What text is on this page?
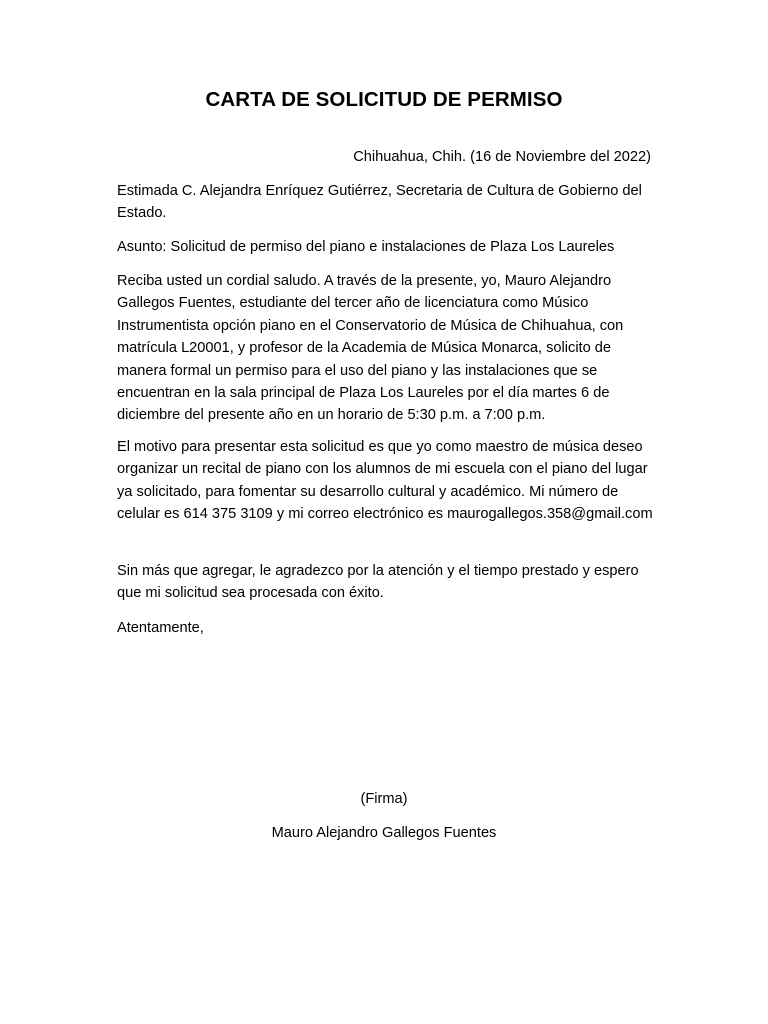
CARTA DE SOLICITUD DE PERMISO
Chihuahua, Chih. (16 de Noviembre del 2022)

Estimada C. Alejandra Enríquez Gutiérrez, Secretaria de Cultura de Gobierno del Estado.

Asunto: Solicitud de permiso del piano e instalaciones de Plaza Los Laureles

Reciba usted un cordial saludo. A través de la presente, yo, Mauro Alejandro Gallegos Fuentes, estudiante del tercer año de licenciatura como Músico Instrumentista opción piano en el Conservatorio de Música de Chihuahua, con matrícula L20001, y profesor de la Academia de Música Monarca, solicito de manera formal un permiso para el uso del piano y las instalaciones que se encuentran en la sala principal de Plaza Los Laureles por el día martes 6 de diciembre del presente año en un horario de 5:30 p.m. a 7:00 p.m.

El motivo para presentar esta solicitud es que yo como maestro de música deseo organizar un recital de piano con los alumnos de mi escuela con el piano del lugar ya solicitado, para fomentar su desarrollo cultural y académico. Mi número de celular es 614 375 3109 y mi correo electrónico es maurogallegos.358@gmail.com

Sin más que agregar, le agradezco por la atención y el tiempo prestado y espero que mi solicitud sea procesada con éxito.

Atentamente,

(Firma)
Mauro Alejandro Gallegos Fuentes
